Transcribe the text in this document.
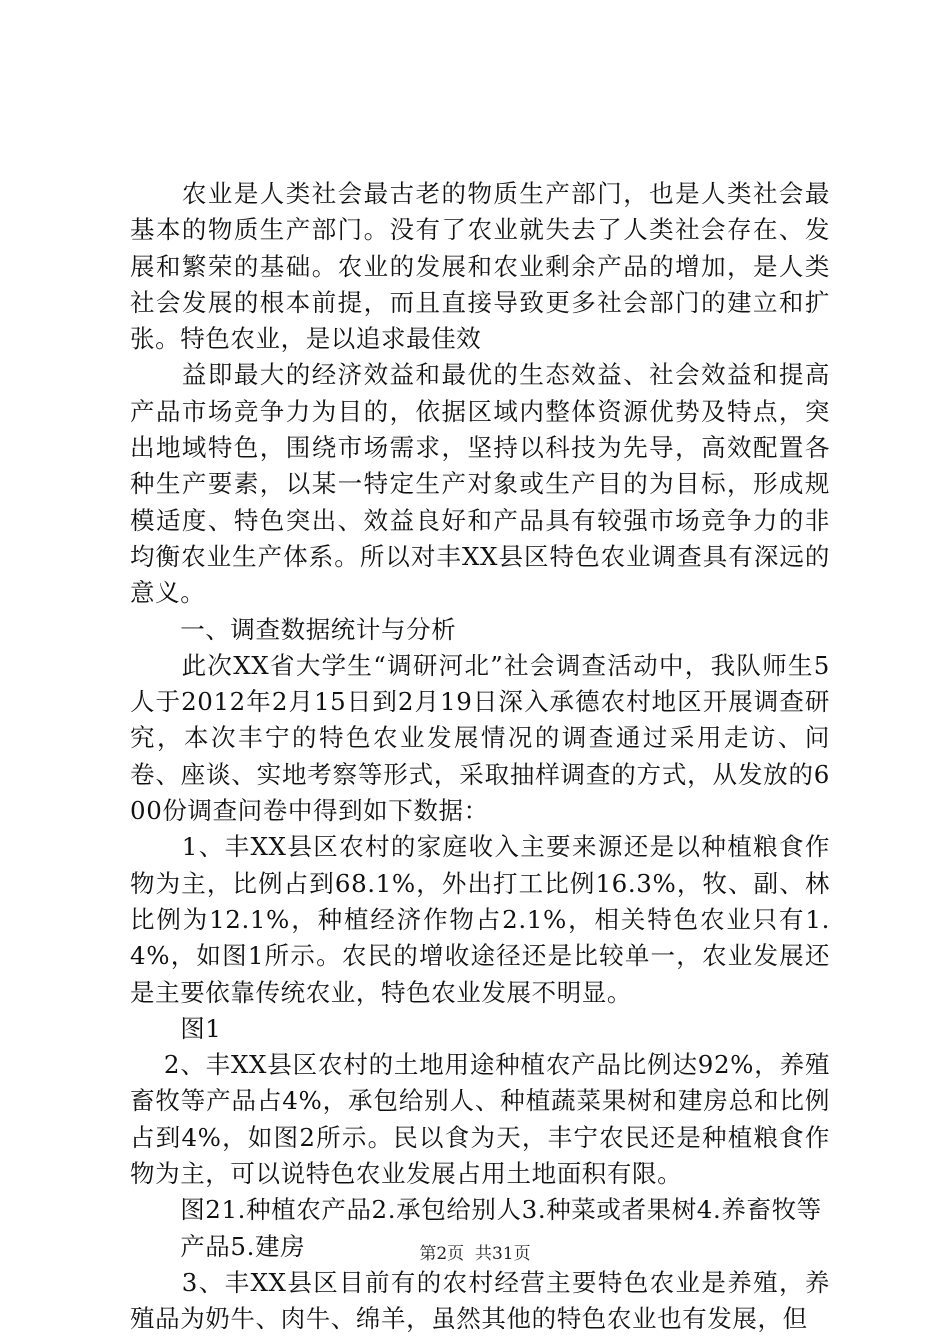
　　农业是人类社会最古老的物质生产部门，也是人类社会最基本的物质生产部门。没有了农业就失去了人类社会存在、发展和繁荣的基础。农业的发展和农业剩余产品的增加，是人类社会发展的根本前提，而且直接导致更多社会部门的建立和扩张。特色农业，是以追求最佳效

　　益即最大的经济效益和最优的生态效益、社会效益和提高产品市场竞争力为目的，依据区域内整体资源优势及特点，突出地域特色，围绕市场需求，坚持以科技为先导，高效配置各种生产要素，以某一特定生产对象或生产目的为目标，形成规模适度、特色突出、效益良好和产品具有较强市场竞争力的非均衡农业生产体系。所以对丰XX县区特色农业调查具有深远的意义。

　　一、调查数据统计与分析

　　此次XX省大学生“调研河北”社会调查活动中，我队师生5人于2012年2月15日到2月19日深入承德农村地区开展调查研究，本次丰宁的特色农业发展情况的调查通过采用走访、问卷、座谈、实地考察等形式，采取抽样调查的方式，从发放的600份调查问卷中得到如下数据：

　　1、丰XX县区农村的家庭收入主要来源还是以种植粮食作物为主，比例占到68.1%，外出打工比例16.3%，牧、副、林比例为12.1%，种植经济作物占2.1%，相关特色农业只有1.4%，如图1所示。农民的增收途径还是比较单一，农业发展还是主要依靠传统农业，特色农业发展不明显。

　　图1

　 2、丰XX县区农村的土地用途种植农产品比例达92%，养殖畜牧等产品占4%，承包给别人、种植蔬菜果树和建房总和比例占到4%，如图2所示。民以食为天，丰宁农民还是种植粮食作物为主，可以说特色农业发展占用土地面积有限。

　　图21.种植农产品2.承包给别人3.种菜或者果树4.养畜牧等

　　产品5.建房

　　3、丰XX县区目前有的农村经营主要特色农业是养殖，养殖品为奶牛、肉牛、绵羊，虽然其他的特色农业也有发展，但

第2页  共31页
